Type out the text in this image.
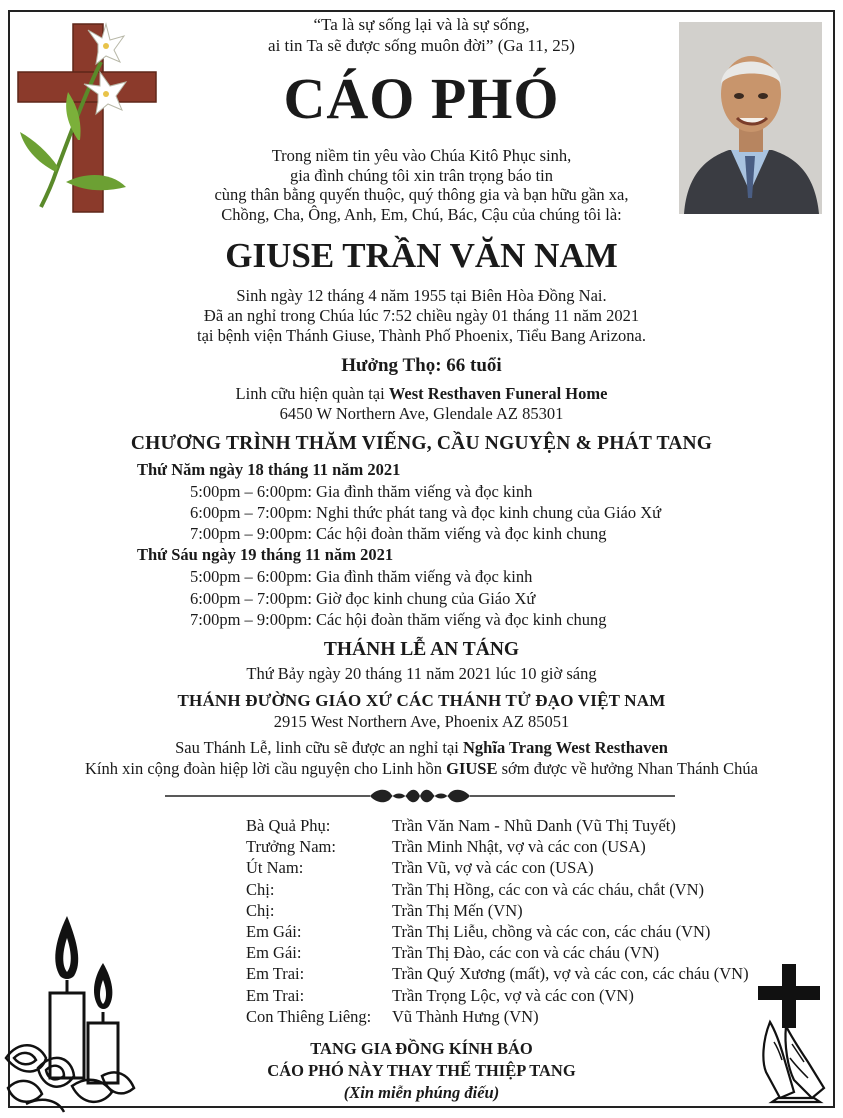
“Ta là sự sống lại và là sự sống,
ai tin Ta sẽ được sống muôn đời” (Ga 11, 25)
CÁO PHÓ
Trong niềm tin yêu vào Chúa Kitô Phục sinh,
gia đình chúng tôi xin trân trọng báo tin
cùng thân bằng quyến thuộc, quý thông gia và bạn hữu gần xa,
Chồng, Cha, Ông, Anh, Em, Chú, Bác, Cậu của chúng tôi là:
GIUSE TRẦN VĂN NAM
Sinh ngày 12 tháng 4 năm 1955 tại Biên Hòa Đồng Nai.
Đã an nghỉ trong Chúa lúc 7:52 chiều ngày 01 tháng 11 năm 2021
tại bệnh viện Thánh Giuse, Thành Phố Phoenix, Tiểu Bang Arizona.
Hưởng Thọ: 66 tuổi
Linh cữu hiện quàn tại West Resthaven Funeral Home
6450 W Northern Ave, Glendale AZ 85301
CHƯƠNG TRÌNH THĂM VIẾNG, CẦU NGUYỆN & PHÁT TANG
Thứ Năm ngày 18 tháng 11 năm 2021
5:00pm – 6:00pm: Gia đình thăm viếng và đọc kinh
6:00pm – 7:00pm: Nghi thức phát tang và đọc kinh chung của Giáo Xứ
7:00pm – 9:00pm: Các hội đoàn thăm viếng và đọc kinh chung
Thứ Sáu ngày 19 tháng 11 năm 2021
5:00pm – 6:00pm: Gia đình thăm viếng và đọc kinh
6:00pm – 7:00pm: Giờ đọc kinh chung của Giáo Xứ
7:00pm – 9:00pm: Các hội đoàn thăm viếng và đọc kinh chung
THÁNH LỄ AN TÁNG
Thứ Bảy ngày 20 tháng 11 năm 2021 lúc 10 giờ sáng
THÁNH ĐƯỜNG GIÁO XỨ CÁC THÁNH TỬ ĐẠO VIỆT NAM
2915 West Northern Ave, Phoenix AZ 85051
Sau Thánh Lễ, linh cữu sẽ được an nghỉ tại Nghĩa Trang West Resthaven
Kính xin cộng đoàn hiệp lời cầu nguyện cho Linh hồn GIUSE sớm được về hưởng Nhan Thánh Chúa
Bà Quả Phụ:	Trần Văn Nam - Nhũ Danh (Vũ Thị Tuyết)
Trưởng Nam:	Trần Minh Nhật, vợ và các con (USA)
Út Nam:	Trần Vũ, vợ và các con (USA)
Chị:	Trần Thị Hồng, các con và các cháu, chắt (VN)
Chị:	Trần Thị Mến (VN)
Em Gái:	Trần Thị Liễu, chồng và các con, các cháu (VN)
Em Gái:	Trần Thị Đào, các con và các cháu (VN)
Em Trai:	Trần Quý Xương (mất), vợ và các con, các cháu (VN)
Em Trai:	Trần Trọng Lộc, vợ và các con (VN)
Con Thiêng Liêng:	Vũ Thành Hưng (VN)
TANG GIA ĐỒNG KÍNH BÁO
CÁO PHÓ NÀY THAY THẾ THIỆP TANG
(Xin miễn phúng điếu)
